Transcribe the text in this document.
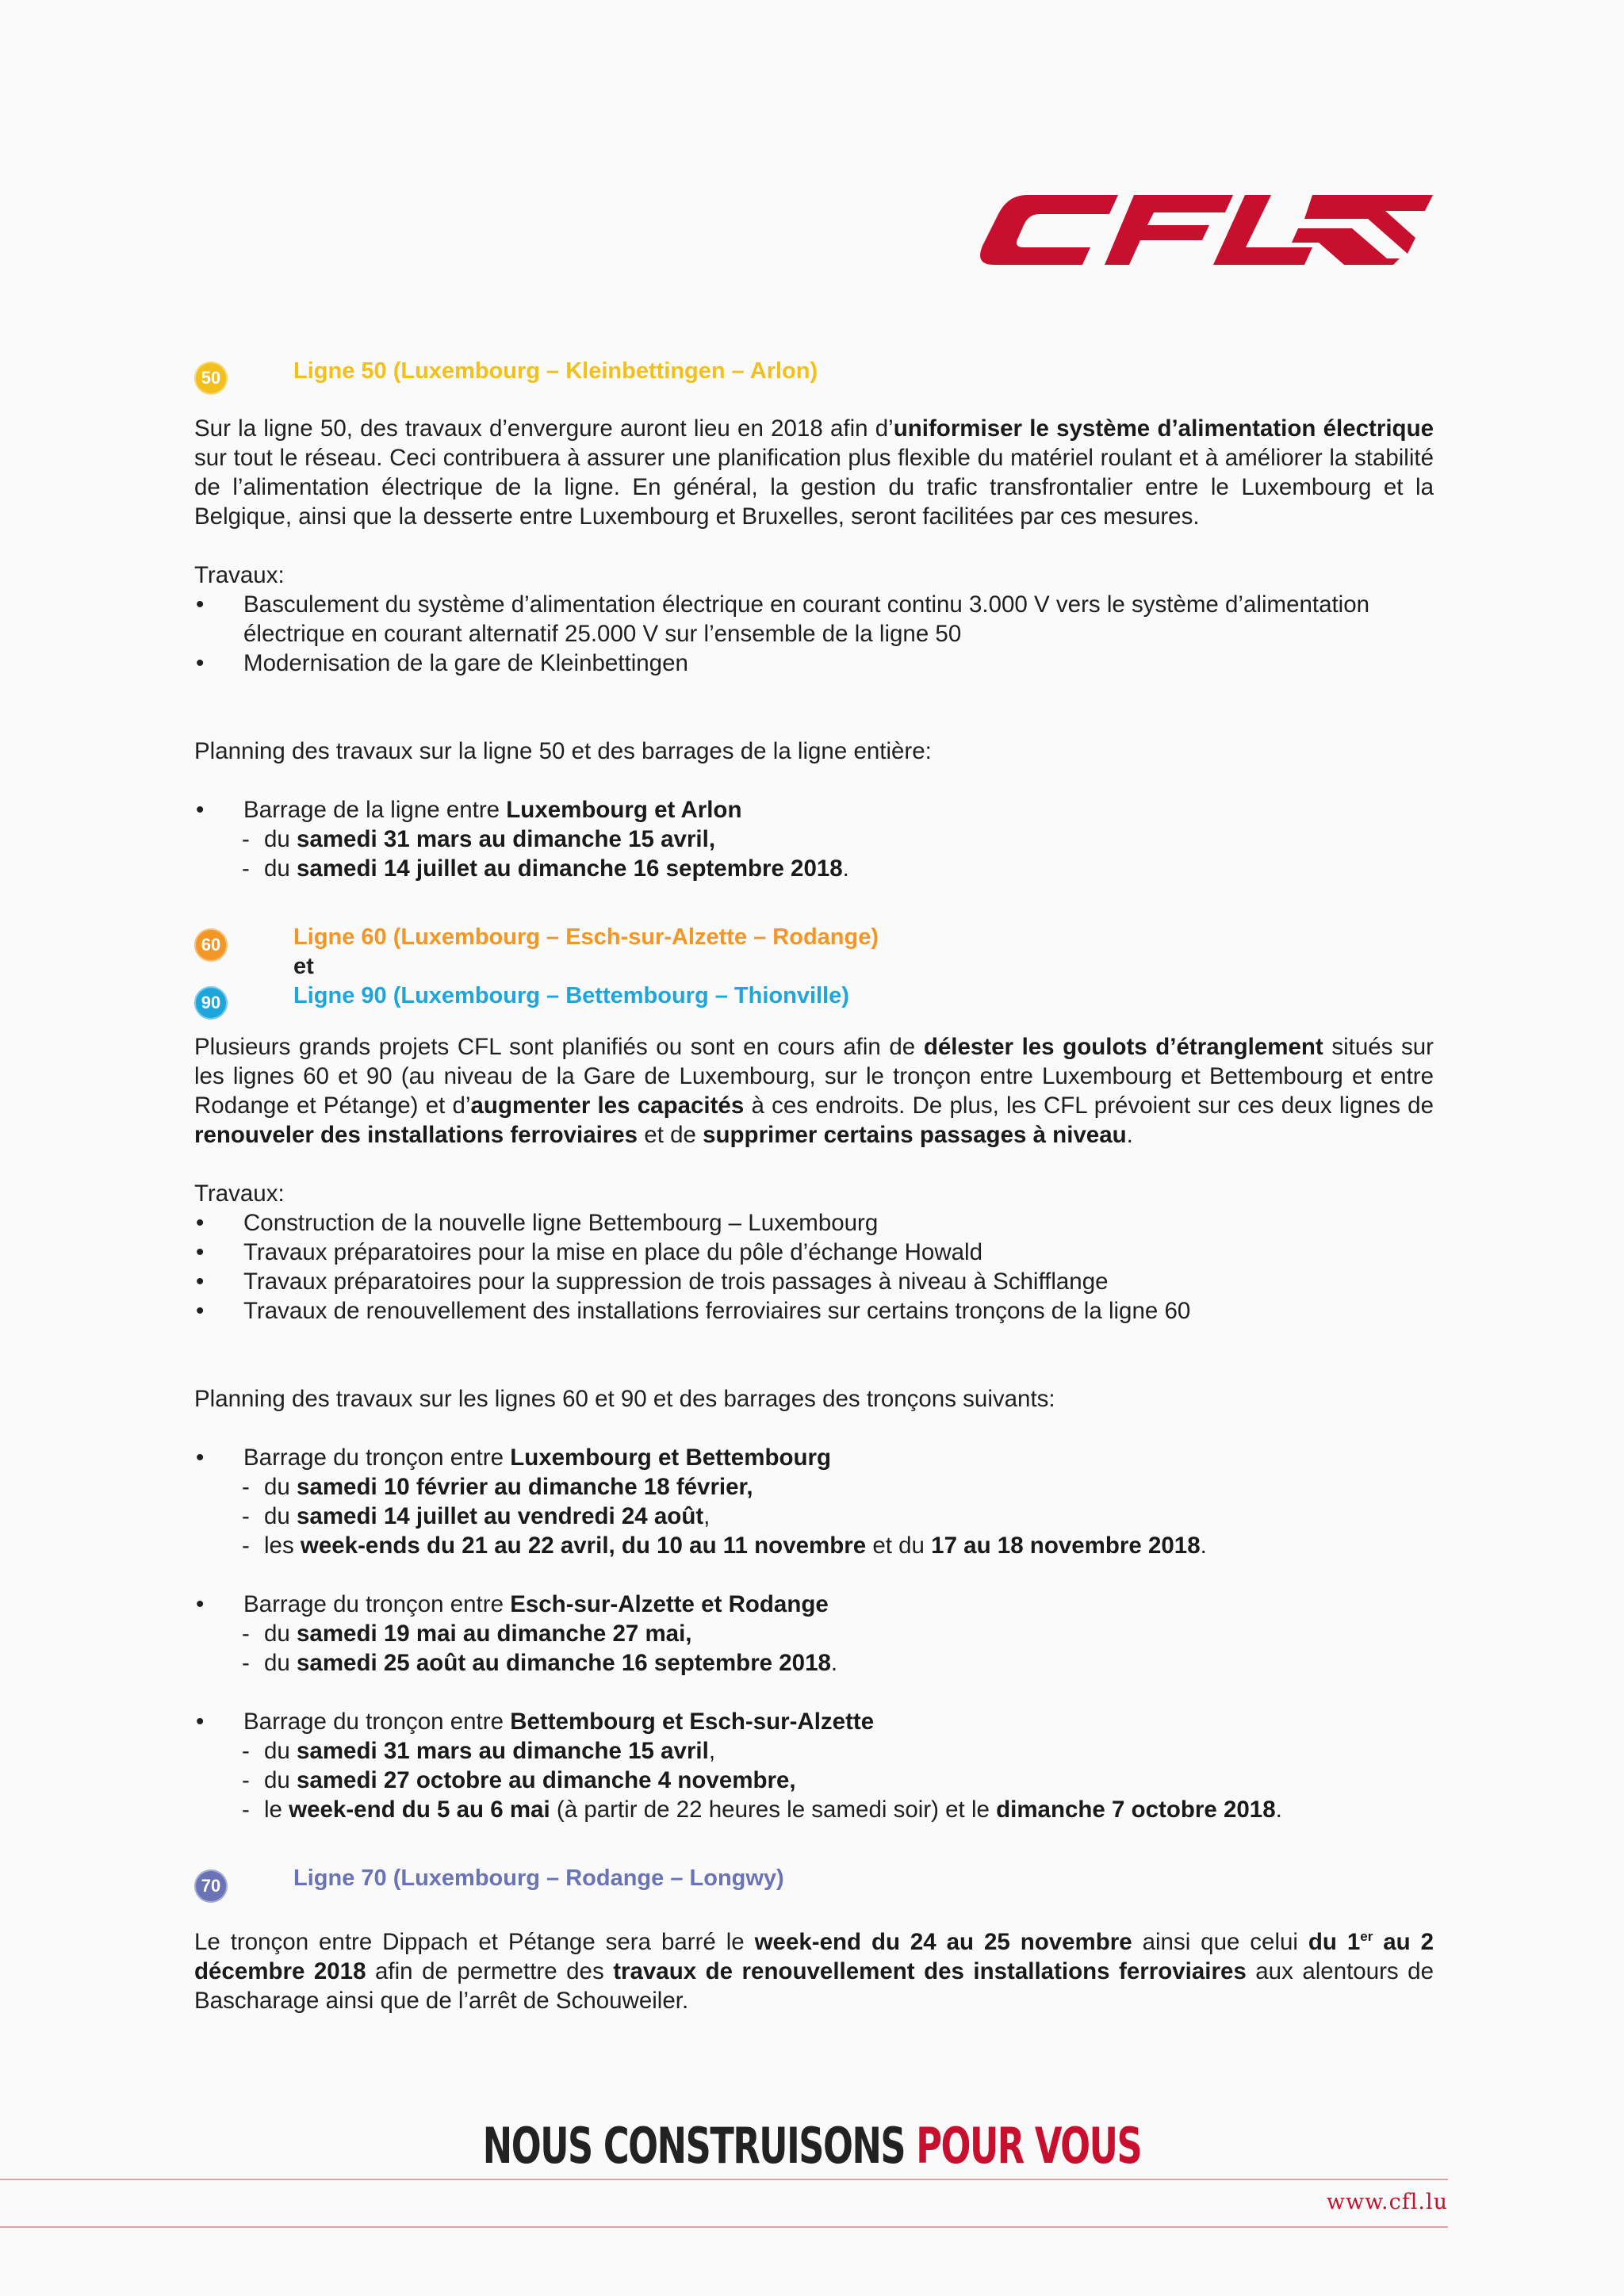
50	Ligne 50 (Luxembourg – Kleinbettingen – Arlon)

Sur la ligne 50, des travaux d’envergure auront lieu en 2018 afin d’uniformiser le système d’alimentation électrique sur tout le réseau. Ceci contribuera à assurer une planification plus flexible du matériel roulant et à améliorer la stabilité de l’alimentation électrique de la ligne. En général, la gestion du trafic transfrontalier entre le Luxembourg et la Belgique, ainsi que la desserte entre Luxembourg et Bruxelles, seront facilitées par ces mesures.

Travaux:

• Basculement du système d’alimentation électrique en courant continu 3.000 V vers le système d’alimentation électrique en courant alternatif 25.000 V sur l’ensemble de la ligne 50
• Modernisation de la gare de Kleinbettingen

Planning des travaux sur la ligne 50 et des barrages de la ligne entière:

• Barrage de la ligne entre Luxembourg et Arlon
- du samedi 31 mars au dimanche 15 avril,
- du samedi 14 juillet au dimanche 16 septembre 2018.
60	Ligne 60 (Luxembourg – Esch-sur-Alzette – Rodange)
et
90	Ligne 90 (Luxembourg – Bettembourg – Thionville)

Plusieurs grands projets CFL sont planifiés ou sont en cours afin de délester les goulots d’étranglement situés sur les lignes 60 et 90 (au niveau de la Gare de Luxembourg, sur le tronçon entre Luxembourg et Bettembourg et entre Rodange et Pétange) et d’augmenter les capacités à ces endroits. De plus, les CFL prévoient sur ces deux lignes de renouveler des installations ferroviaires et de supprimer certains passages à niveau.

Travaux:

• Construction de la nouvelle ligne Bettembourg – Luxembourg
• Travaux préparatoires pour la mise en place du pôle d’échange Howald
• Travaux préparatoires pour la suppression de trois passages à niveau à Schifflange
• Travaux de renouvellement des installations ferroviaires sur certains tronçons de la ligne 60

Planning des travaux sur les lignes 60 et 90 et des barrages des tronçons suivants:

• Barrage du tronçon entre Luxembourg et Bettembourg
- du samedi 10 février au dimanche 18 février,
- du samedi 14 juillet au vendredi 24 août,
- les week-ends du 21 au 22 avril, du 10 au 11 novembre et du 17 au 18 novembre 2018.
• Barrage du tronçon entre Esch-sur-Alzette et Rodange
- du samedi 19 mai au dimanche 27 mai,
- du samedi 25 août au dimanche 16 septembre 2018.
• Barrage du tronçon entre Bettembourg et Esch-sur-Alzette
- du samedi 31 mars au dimanche 15 avril,
- du samedi 27 octobre au dimanche 4 novembre,
- le week-end du 5 au 6 mai (à partir de 22 heures le samedi soir) et le dimanche 7 octobre 2018.
70	Ligne 70 (Luxembourg – Rodange – Longwy)

Le tronçon entre Dippach et Pétange sera barré le week-end du 24 au 25 novembre ainsi que celui du 1er au 2 décembre 2018 afin de permettre des travaux de renouvellement des installations ferroviaires aux alentours de Bascharage ainsi que de l’arrêt de Schouweiler.

NOUS CONSTRUISONS POUR VOUS
www.cfl.lu
